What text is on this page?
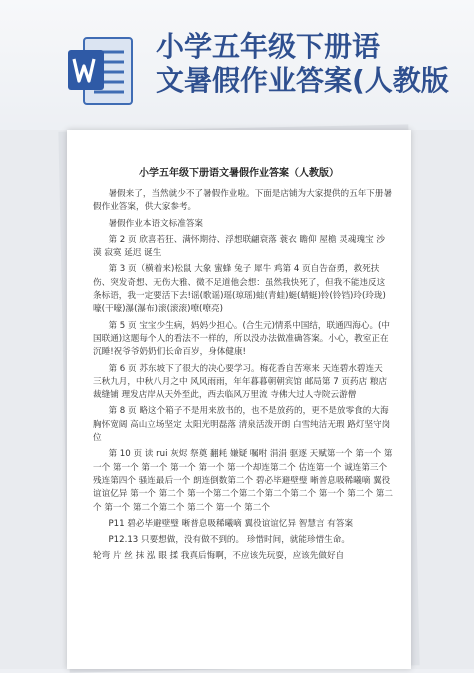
小学五年级下册语
文暑假作业答案(人教版
小学五年级下册语文暑假作业答案（人教版）

暑假来了，当然就少不了暑假作业啦。下面是店铺为大家提供的五年下册暑假作业答案，供大家参考。

暑假作业本语文标准答案

第 2 页 欣喜若狂、满怀期待、浮想联翩衰落 蓑衣 瞻仰 屋檐 灵魂瑰宝 沙漠 寂寞 延迟 诞生

第 3 页（横着来)松鼠 大象 蜜蜂 兔子 犀牛 鸡第 4 页自告奋勇，救死扶伤、突发奇想、无伤大雅、微不足道他会想：虽然我快死了，但我不能违反这条标语，我一定要活下去!谣(歌谣)瑶(琼瑶)蛙(青蛙)蜓(蜻蜓)铃(铃铛)玲(玲珑)嚎(干嚎)瀑(瀑布)滚(滚滚)嘹(嘹亮)

第 5 页 宝宝少生病，妈妈少担心。(合生元)情系中国结，联通四海心。(中国联通)这题每个人的看法不一样的，所以没办法做准确答案。小心，教室正在沉睡!祝爷爷奶奶们长命百岁，身体健康!

第 6 页 苏东坡下了很大的决心要学习。梅花香自苦寒来 天连碧水碧连天 三秋九月，中秋八月之中 风风雨雨，年年暮暮朝朝宾馆 邮局第 7 页药店 粮店 裁缝铺 理发店岸从天外至此，西去临风万里流 寺佛大过人寺院云游僧

第 8 页 略这个箱子不是用来放书的，也不是放药的，更不是放零食的大海胸怀宽阔 高山立场坚定 太阳光明磊落 清泉活泼开朗 白雪纯洁无瑕 路灯坚守岗位

第 10 页 读 rui 灰烬 祭奠 翻耗 嫌疑 嘱咐 涓涓 驱逐 天赋第一个 第一个 第一个 第一个 第一个 第一个 第一个 第一个却连第二个 估连第一个 诚连第三个 残连第四个 骚连最后一个 朗连倒数第二个 碧必毕避壁璧 晰普息吸稀曦嘀 翼役谊谊亿异 第一个 第二个 第一个第二个第二个第二个第二个 第一个 第二个 第二个 第一个 第二个第二个 第二个 第一个 第二个

P11 碧必毕避壁璧 晰普息吸稀曦嘀 翼役谊谊忆异 智慧言 有答案

P12.13 只要想做，没有做不到的。 珍惜时间，就能珍惜生命。

轮弯 片 丝 抹 泓 眼 揉 我真后悔啊，不应该先玩耍，应该先做好自
